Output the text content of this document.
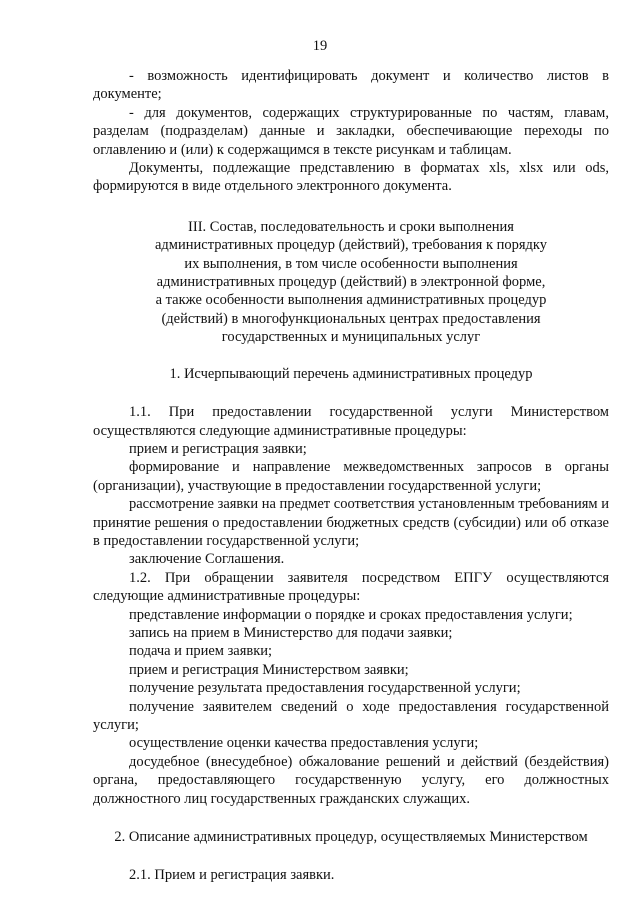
19

- возможность идентифицировать документ и количество листов в документе;

- для документов, содержащих структурированные по частям, главам, разделам (подразделам) данные и закладки, обеспечивающие переходы по оглавлению и (или) к содержащимся в тексте рисункам и таблицам.

Документы, подлежащие представлению в форматах xls, xlsx или ods, формируются в виде отдельного электронного документа.

III. Состав, последовательность и сроки выполнения
административных процедур (действий), требования к порядку
их выполнения, в том числе особенности выполнения
административных процедур (действий) в электронной форме,
а также особенности выполнения административных процедур
(действий) в многофункциональных центрах предоставления
государственных и муниципальных услуг

1. Исчерпывающий перечень административных процедур

1.1. При предоставлении государственной услуги Министерством осуществляются следующие административные процедуры:

прием и регистрация заявки;

формирование и направление межведомственных запросов в органы (организации), участвующие в предоставлении государственной услуги;

рассмотрение заявки на предмет соответствия установленным требованиям и принятие решения о предоставлении бюджетных средств (субсидии) или об отказе в предоставлении государственной услуги;

заключение Соглашения.

1.2. При обращении заявителя посредством ЕПГУ осуществляются следующие административные процедуры:

представление информации о порядке и сроках предоставления услуги;

запись на прием в Министерство для подачи заявки;

подача и прием заявки;

прием и регистрация Министерством заявки;

получение результата предоставления государственной услуги;

получение заявителем сведений о ходе предоставления государственной услуги;

осуществление оценки качества предоставления услуги;

досудебное (внесудебное) обжалование решений и действий (бездействия) органа, предоставляющего государственную услугу, его должностных должностного лиц государственных гражданских служащих.

2. Описание административных процедур, осуществляемых Министерством

2.1. Прием и регистрация заявки.
